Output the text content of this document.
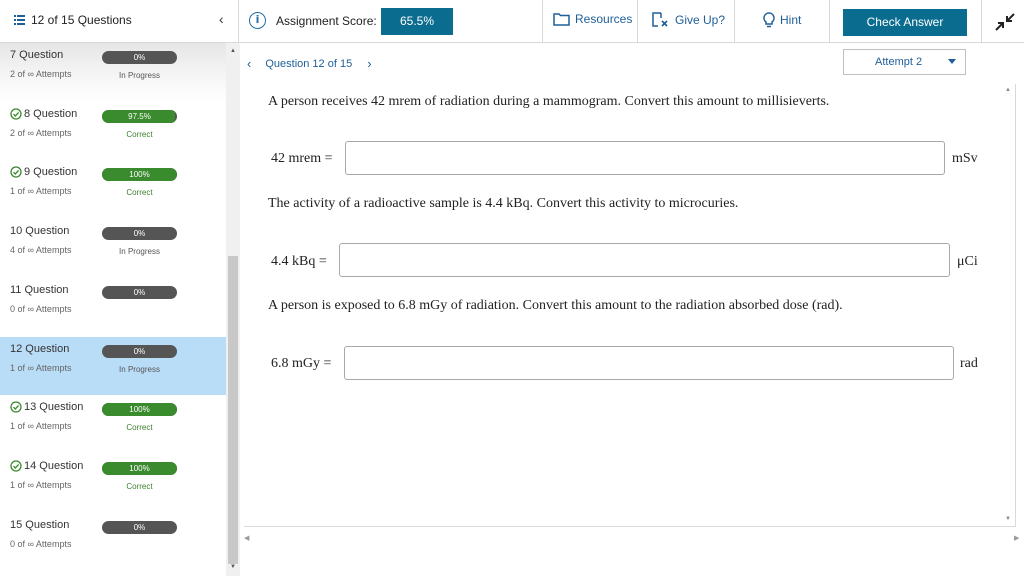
12 of 15 Questions	‹	i	Assignment Score:	65.5%	Resources	Give Up?	Hint	Check Answer
7 Question
2 of ∞ Attempts
0%
In Progress
8 Question
2 of ∞ Attempts
97.5%
Correct
9 Question
1 of ∞ Attempts
100%
Correct
10 Question
4 of ∞ Attempts
0%
In Progress
11 Question
0 of ∞ Attempts
0%
12 Question
1 of ∞ Attempts
0%
In Progress
13 Question
1 of ∞ Attempts
100%
Correct
14 Question
1 of ∞ Attempts
100%
Correct
15 Question
0 of ∞ Attempts
0%
▲
▼
‹ Question 12 of 15 ›	Attempt 2
A person receives 42 mrem of radiation during a mammogram. Convert this amount to millisieverts.
42 mrem =	mSv
The activity of a radioactive sample is 4.4 kBq. Convert this activity to microcuries.
4.4 kBq =	μCi
A person is exposed to 6.8 mGy of radiation. Convert this amount to the radiation absorbed dose (rad).
6.8 mGy =	rad
▲
▼
◀	▶
